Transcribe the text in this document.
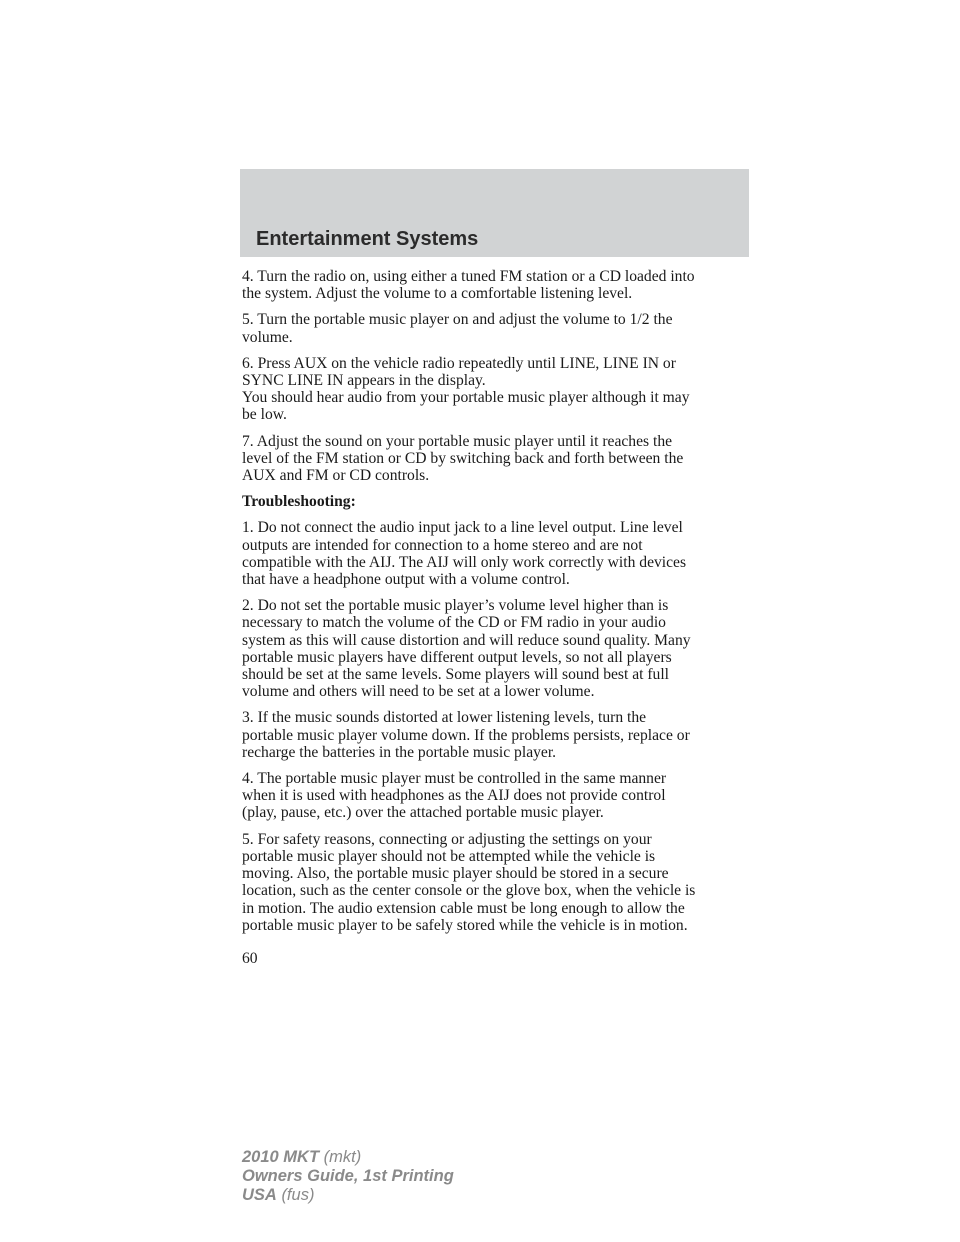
Entertainment Systems

4. Turn the radio on, using either a tuned FM station or a CD loaded into
the system. Adjust the volume to a comfortable listening level.

5. Turn the portable music player on and adjust the volume to 1/2 the
volume.

6. Press AUX on the vehicle radio repeatedly until LINE, LINE IN or
SYNC LINE IN appears in the display.
You should hear audio from your portable music player although it may
be low.

7. Adjust the sound on your portable music player until it reaches the
level of the FM station or CD by switching back and forth between the
AUX and FM or CD controls.

Troubleshooting:

1. Do not connect the audio input jack to a line level output. Line level
outputs are intended for connection to a home stereo and are not
compatible with the AIJ. The AIJ will only work correctly with devices
that have a headphone output with a volume control.

2. Do not set the portable music player’s volume level higher than is
necessary to match the volume of the CD or FM radio in your audio
system as this will cause distortion and will reduce sound quality. Many
portable music players have different output levels, so not all players
should be set at the same levels. Some players will sound best at full
volume and others will need to be set at a lower volume.

3. If the music sounds distorted at lower listening levels, turn the
portable music player volume down. If the problems persists, replace or
recharge the batteries in the portable music player.

4. The portable music player must be controlled in the same manner
when it is used with headphones as the AIJ does not provide control
(play, pause, etc.) over the attached portable music player.

5. For safety reasons, connecting or adjusting the settings on your
portable music player should not be attempted while the vehicle is
moving. Also, the portable music player should be stored in a secure
location, such as the center console or the glove box, when the vehicle is
in motion. The audio extension cable must be long enough to allow the
portable music player to be safely stored while the vehicle is in motion.

60

2010 MKT (mkt)
Owners Guide, 1st Printing
USA (fus)
